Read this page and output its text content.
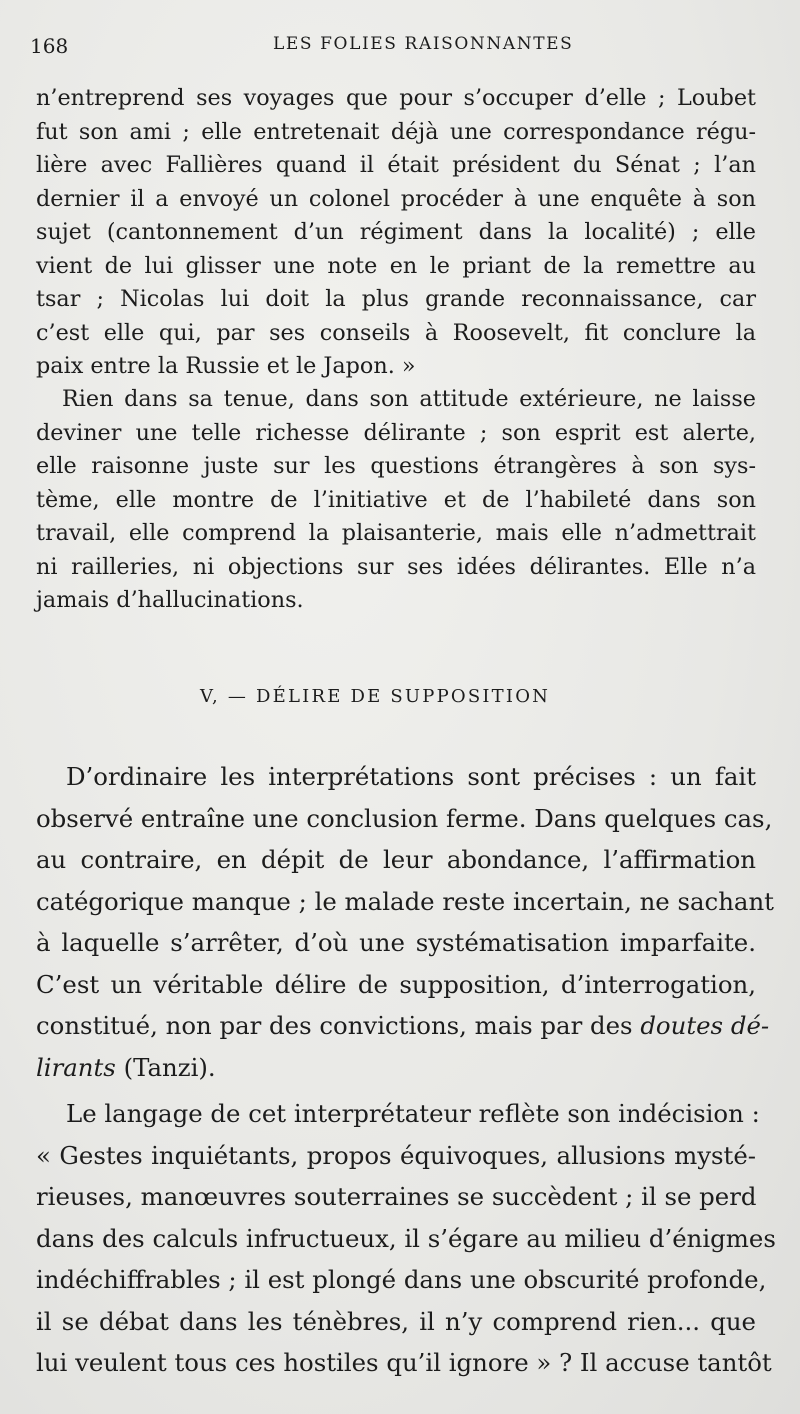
168	LES FOLIES RAISONNANTES
n’entreprend ses voyages que pour s’occuper d’elle ; Loubet
fut son ami ; elle entretenait déjà une correspondance régu-
lière avec Fallières quand il était président du Sénat ; l’an
dernier il a envoyé un colonel procéder à une enquête à son
sujet (cantonnement d’un régiment dans la localité) ; elle
vient de lui glisser une note en le priant de la remettre au
tsar ; Nicolas lui doit la plus grande reconnaissance, car
c’est elle qui, par ses conseils à Roosevelt, fit conclure la
paix entre la Russie et le Japon. »
Rien dans sa tenue, dans son attitude extérieure, ne laisse
deviner une telle richesse délirante ; son esprit est alerte,
elle raisonne juste sur les questions étrangères à son sys-
tème, elle montre de l’initiative et de l’habileté dans son
travail, elle comprend la plaisanterie, mais elle n’admettrait
ni railleries, ni objections sur ses idées délirantes. Elle n’a
jamais d’hallucinations.
V, — DÉLIRE DE SUPPOSITION
D’ordinaire les interprétations sont précises : un fait
observé entraîne une conclusion ferme. Dans quelques cas,
au contraire, en dépit de leur abondance, l’affirmation
catégorique manque ; le malade reste incertain, ne sachant
à laquelle s’arrêter, d’où une systématisation imparfaite.
C’est un véritable délire de supposition, d’interrogation,
constitué, non par des convictions, mais par des doutes dé-
lirants (Tanzi).
Le langage de cet interprétateur reflète son indécision :
« Gestes inquiétants, propos équivoques, allusions mysté-
rieuses, manœuvres souterraines se succèdent ; il se perd
dans des calculs infructueux, il s’égare au milieu d’énigmes
indéchiffrables ; il est plongé dans une obscurité profonde,
il se débat dans les ténèbres, il n’y comprend rien... que
lui veulent tous ces hostiles qu’il ignore » ? Il accuse tantôt
